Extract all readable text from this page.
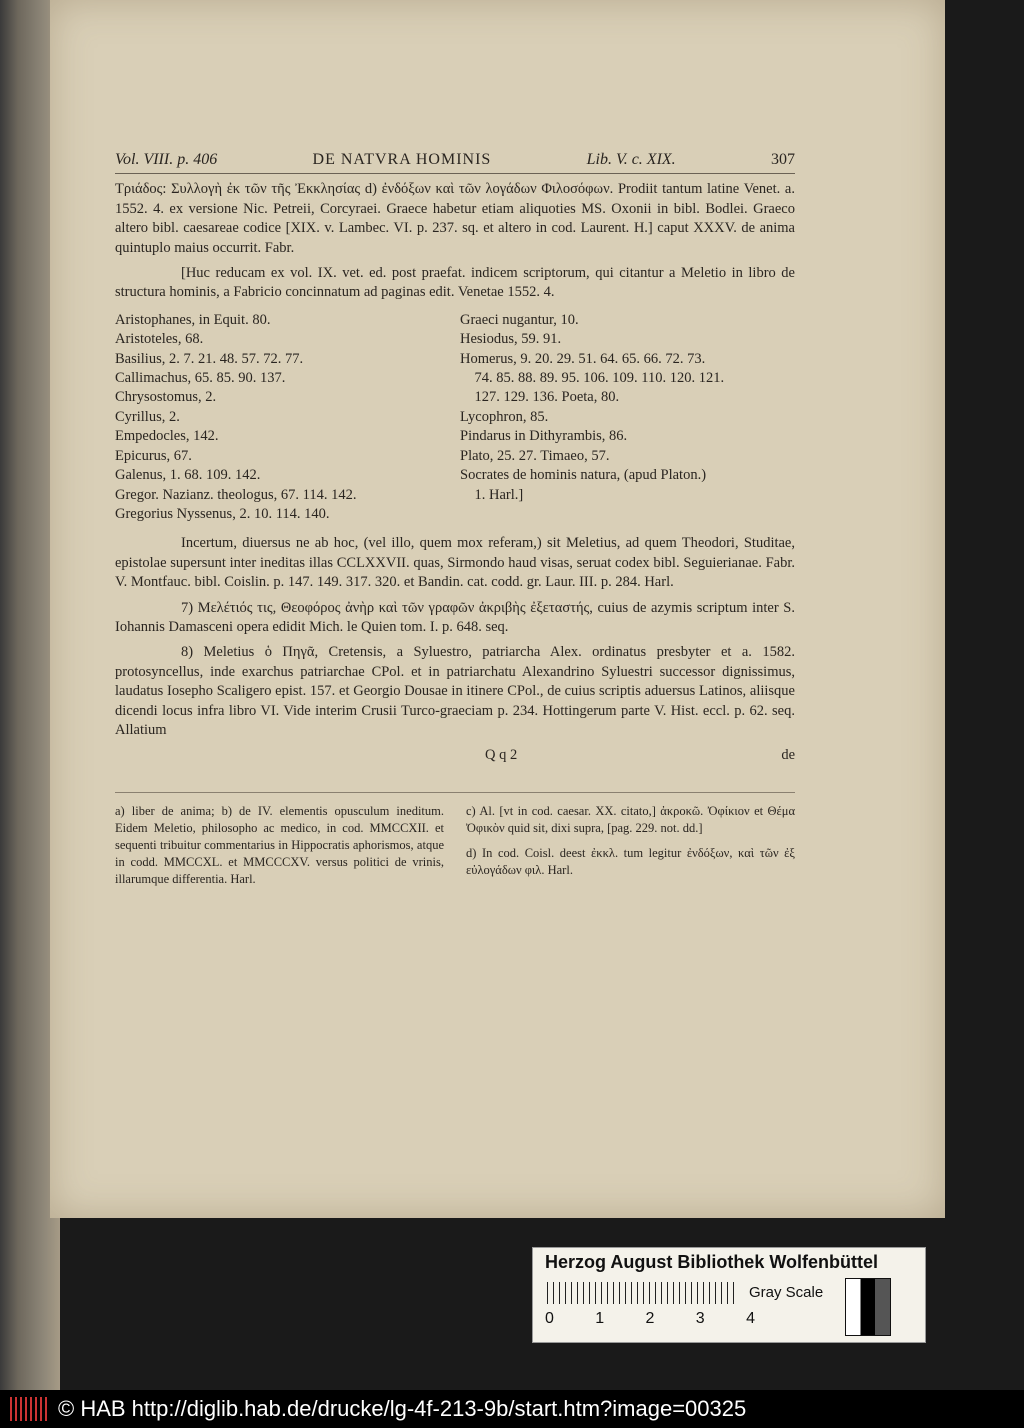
Vol. VIII. p. 406	DE NATVRA HOMINIS	Lib. V. c. XIX.	307

Τριάδος: Συλλογὴ ἐκ τῶν τῆς Ἐκκλησίας d) ἐνδόξων καὶ τῶν λογάδων Φιλοσόφων. Prodiit tantum latine Venet. a. 1552. 4. ex versione Nic. Petreii, Corcyraei. Graece habetur etiam aliquoties MS. Oxonii in bibl. Bodlei. Graeco altero bibl. caesareae codice [XIX. v. Lambec. VI. p. 237. sq. et altero in cod. Laurent. H.] caput XXXV. de anima quintuplo maius occurrit. Fabr.

[Huc reducam ex vol. IX. vet. ed. post praefat. indicem scriptorum, qui citantur a Meletio in libro de structura hominis, a Fabricio concinnatum ad paginas edit. Venetae 1552. 4.

Aristophanes, in Equit. 80.
Aristoteles, 68.
Basilius, 2. 7. 21. 48. 57. 72. 77.
Callimachus, 65. 85. 90. 137.
Chrysostomus, 2.
Cyrillus, 2.
Empedocles, 142.
Epicurus, 67.
Galenus, 1. 68. 109. 142.
Gregor. Nazianz. theologus, 67. 114. 142.
Gregorius Nyssenus, 2. 10. 114. 140.
Graeci nugantur, 10.
Hesiodus, 59. 91.
Homerus, 9. 20. 29. 51. 64. 65. 66. 72. 73.
74. 85. 88. 89. 95. 106. 109. 110. 120. 121.
127. 129. 136. Poeta, 80.
Lycophron, 85.
Pindarus in Dithyrambis, 86.
Plato, 25. 27. Timaeo, 57.
Socrates de hominis natura, (apud Platon.)
1. Harl.]

Incertum, diuersus ne ab hoc, (vel illo, quem mox referam,) sit Meletius, ad quem Theodori, Studitae, epistolae supersunt inter ineditas illas CCLXXVII. quas, Sirmondo haud visas, seruat codex bibl. Seguierianae. Fabr. V. Montfauc. bibl. Coislin. p. 147. 149. 317. 320. et Bandin. cat. codd. gr. Laur. III. p. 284. Harl.

7) Μελέτιός τις, Θεοφόρος ἀνὴρ καὶ τῶν γραφῶν ἀκριβὴς ἐξεταστής, cuius de azymis scriptum inter S. Iohannis Damasceni opera edidit Mich. le Quien tom. I. p. 648. seq.

8) Meletius ὁ Πηγᾶ, Cretensis, a Syluestro, patriarcha Alex. ordinatus presbyter et a. 1582. protosyncellus, inde exarchus patriarchae CPol. et in patriarchatu Alexandrino Syluestri successor dignissimus, laudatus Iosepho Scaligero epist. 157. et Georgio Dousae in itinere CPol., de cuius scriptis aduersus Latinos, aliisque dicendi locus infra libro VI. Vide interim Crusii Turco-graeciam p. 234. Hottingerum parte V. Hist. eccl. p. 62. seq. Allatium

Q q 2	de

a) liber de anima; b) de IV. elementis opusculum ineditum. Eidem Meletio, philosopho ac medico, in cod. MMCCXII. et sequenti tribuitur commentarius in Hippocratis aphorismos, atque in codd. MMCCXL. et MMCCCXV. versus politici de vrinis, illarumque differentia. Harl.

c) Al. [vt in cod. caesar. XX. citato,] ἀκροκῶ. Ὀφίκιον et Θέμα Ὀφικὸν quid sit, dixi supra, [pag. 229. not. dd.]

d) In cod. Coisl. deest ἐκκλ. tum legitur ἐνδόξων, καὶ τῶν ἐξ εὐλογάδων φιλ. Harl.

Herzog August Bibliothek Wolfenbüttel
0	1	2	3	4
Gray Scale
© HAB http://diglib.hab.de/drucke/lg-4f-213-9b/start.htm?image=00325
